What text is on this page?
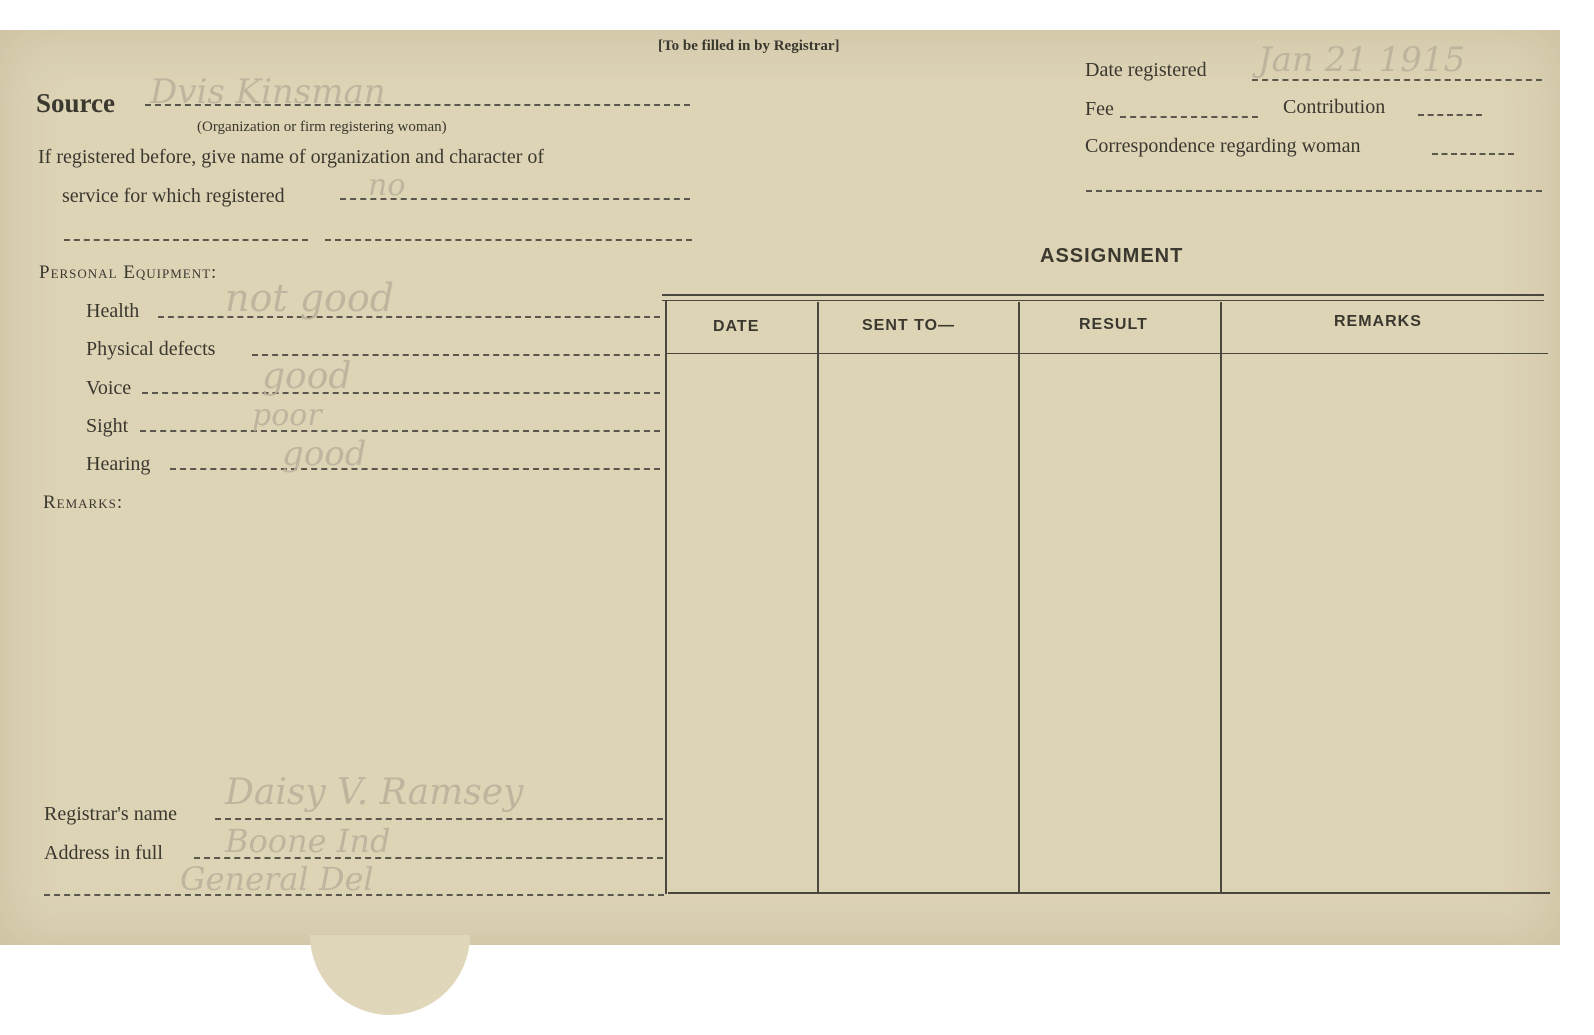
[To be filled in by Registrar]
Source Dvis Kinsman
(Organization or firm registering woman)
If registered before, give name of organization and character of
service for which registered	no
Date registered Jan 21 1915
Fee	Contribution
Correspondence regarding woman
Personal Equipment:
Health not good
Physical defects
Voice	good
Sight	poor
Hearing	good
Remarks:
Registrar's name
Daisy V. Ramsey
Address in full Boone Ind
General Del
ASSIGNMENT
DATE	SENT TO—	RESULT	REMARKS
